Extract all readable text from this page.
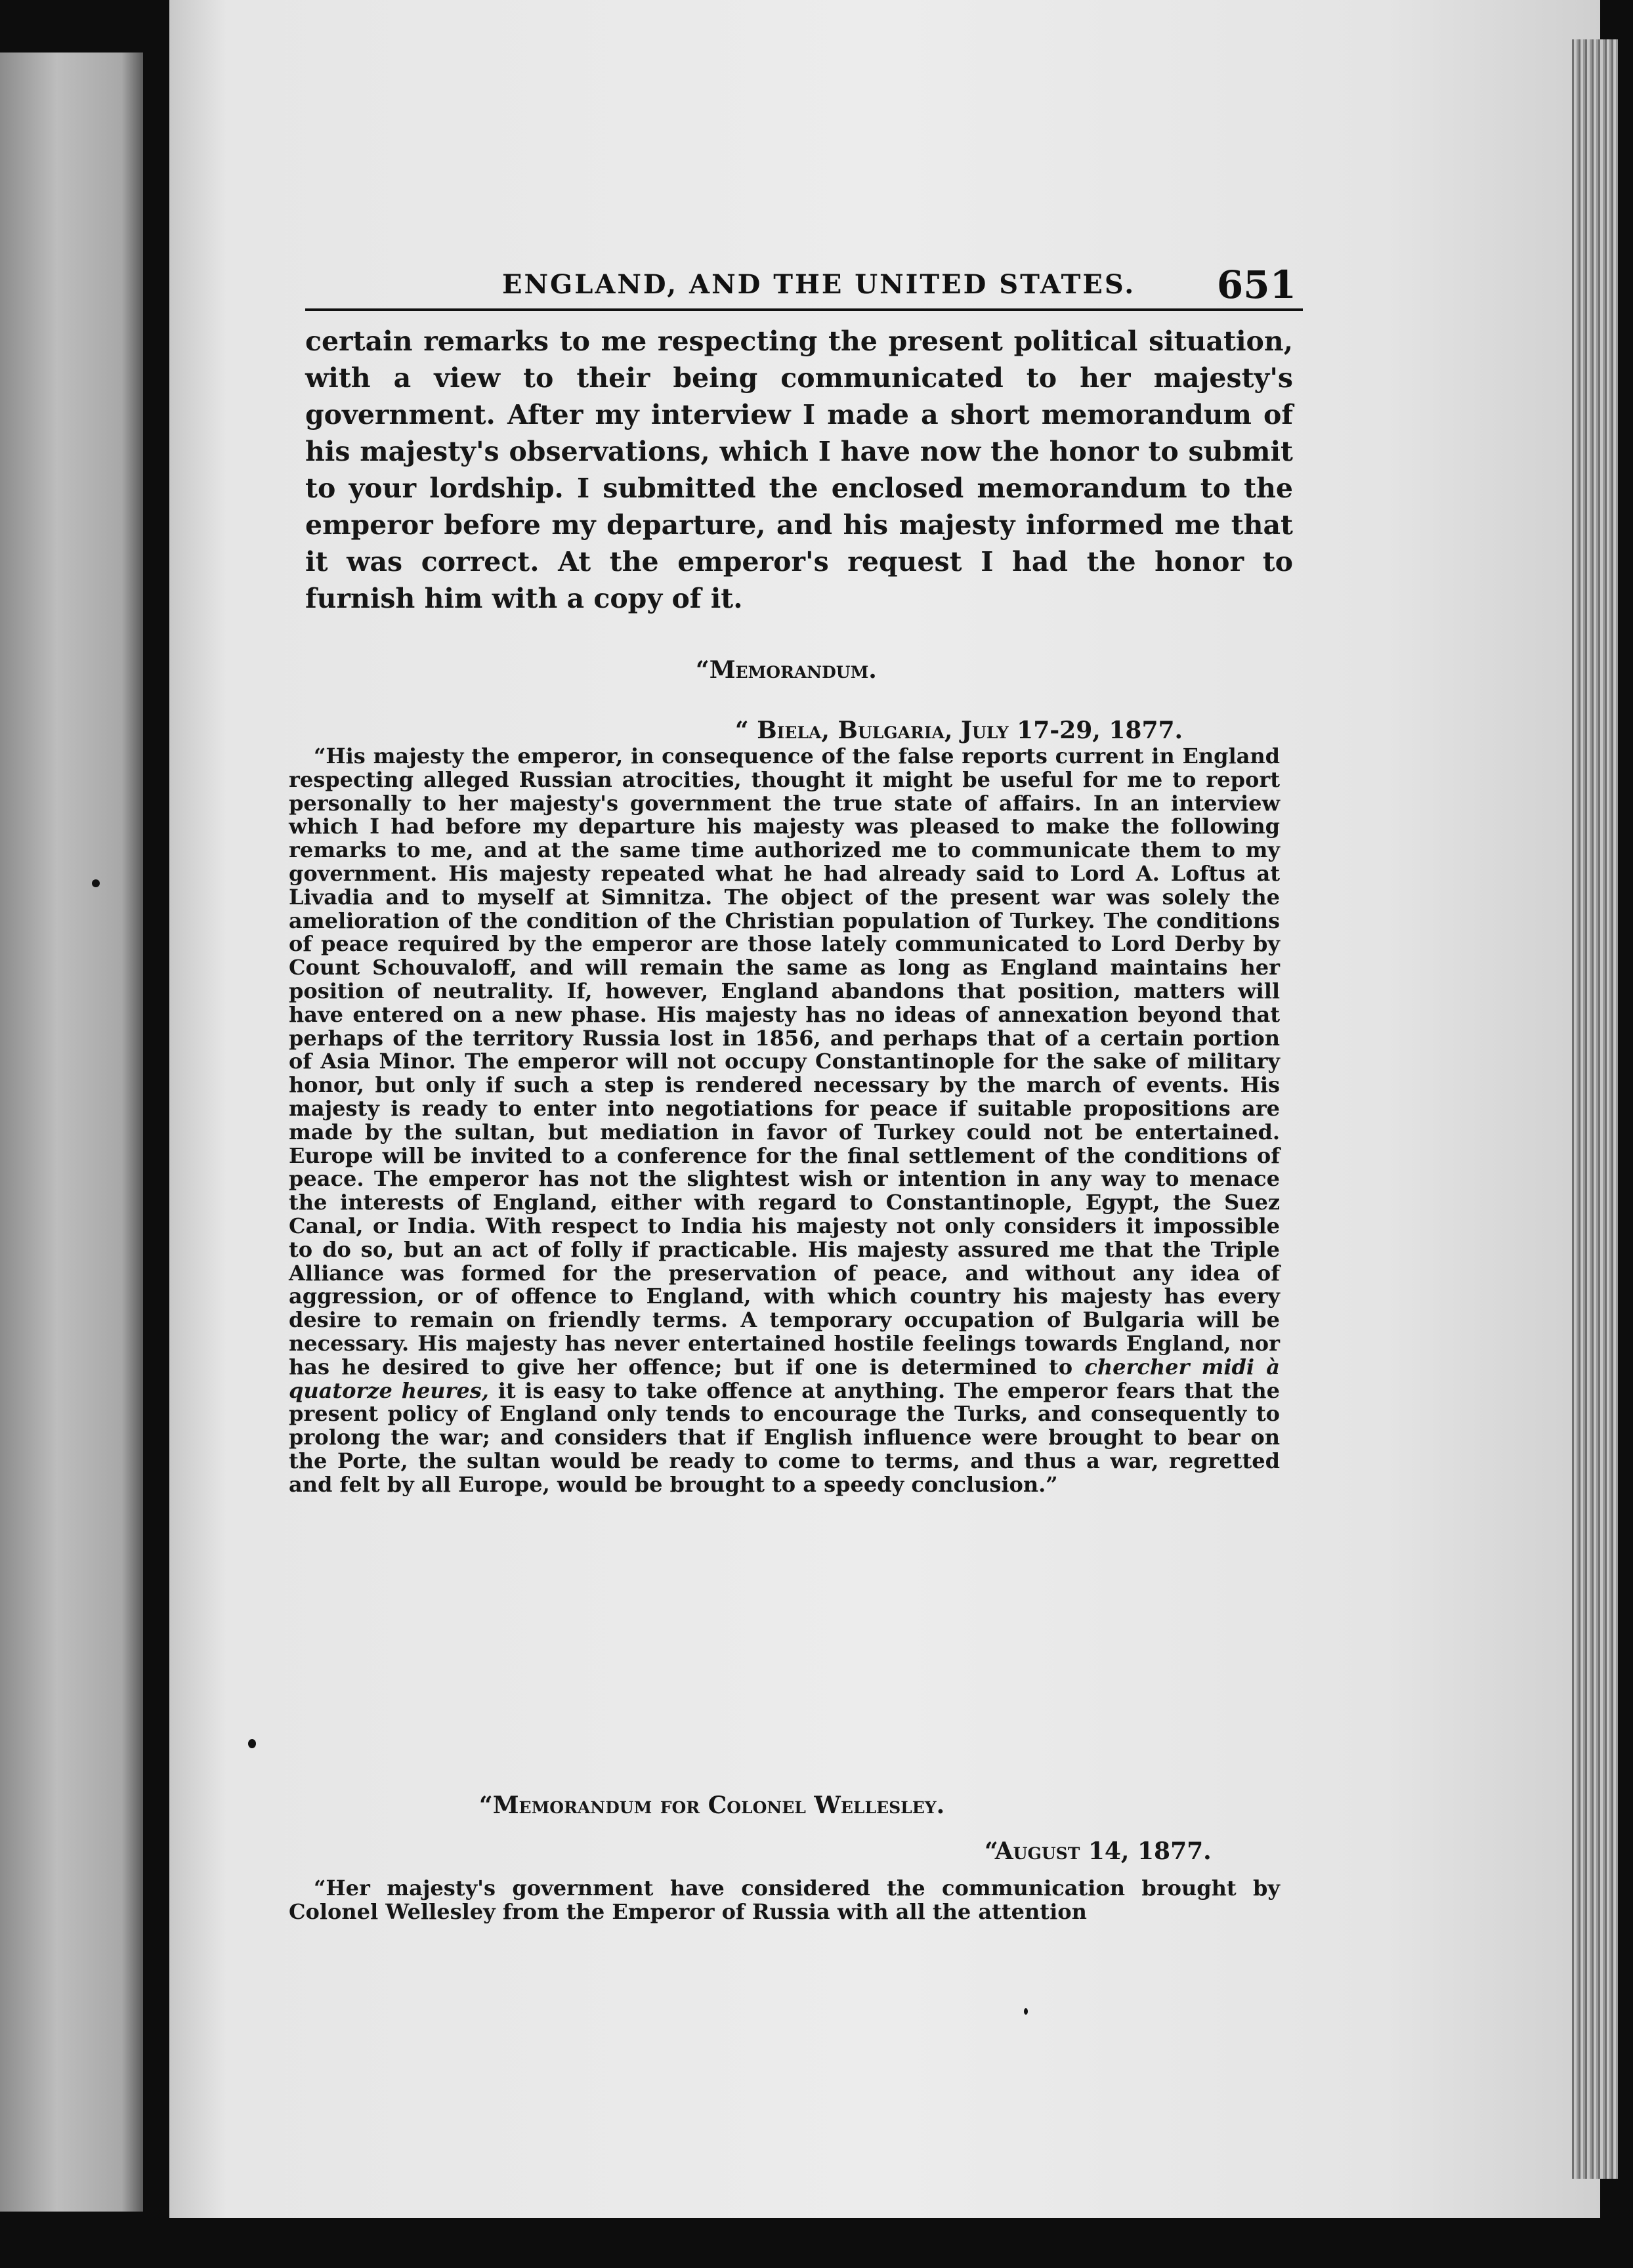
ENGLAND, AND THE UNITED STATES. 651

certain remarks to me respecting the present political situation, with a view to their being communicated to her majesty's government. After my interview I made a short memorandum of his majesty's observations, which I have now the honor to submit to your lordship. I submitted the enclosed memorandum to the emperor before my departure, and his majesty informed me that it was correct. At the emperor's request I had the honor to furnish him with a copy of it.

“Memorandum.
“ Biela, Bulgaria, July 17-29, 1877.

“His majesty the emperor, in consequence of the false reports current in England respecting alleged Russian atrocities, thought it might be useful for me to report personally to her majesty's government the true state of affairs. In an interview which I had before my departure his majesty was pleased to make the following remarks to me, and at the same time authorized me to communicate them to my government. His majesty repeated what he had already said to Lord A. Loftus at Livadia and to myself at Simnitza. The object of the present war was solely the amelioration of the condition of the Christian population of Turkey. The conditions of peace required by the emperor are those lately communicated to Lord Derby by Count Schouvaloff, and will remain the same as long as England maintains her position of neutrality. If, however, England abandons that position, matters will have entered on a new phase. His majesty has no ideas of annexation beyond that perhaps of the territory Russia lost in 1856, and perhaps that of a certain portion of Asia Minor. The emperor will not occupy Constantinople for the sake of military honor, but only if such a step is rendered necessary by the march of events. His majesty is ready to enter into negotiations for peace if suitable propositions are made by the sultan, but mediation in favor of Turkey could not be entertained. Europe will be invited to a conference for the final settlement of the conditions of peace. The emperor has not the slightest wish or intention in any way to menace the interests of England, either with regard to Constantinople, Egypt, the Suez Canal, or India. With respect to India his majesty not only considers it impossible to do so, but an act of folly if practicable. His majesty assured me that the Triple Alliance was formed for the preservation of peace, and without any idea of aggression, or of offence to England, with which country his majesty has every desire to remain on friendly terms. A temporary occupation of Bulgaria will be necessary. His majesty has never entertained hostile feelings towards England, nor has he desired to give her offence; but if one is determined to chercher midi à quatorze heures, it is easy to take offence at anything. The emperor fears that the present policy of England only tends to encourage the Turks, and consequently to prolong the war; and considers that if English influence were brought to bear on the Porte, the sultan would be ready to come to terms, and thus a war, regretted and felt by all Europe, would be brought to a speedy conclusion.”

“Memorandum for Colonel Wellesley.
“August 14, 1877.

“Her majesty's government have considered the communication brought by Colonel Wellesley from the Emperor of Russia with all the attention
